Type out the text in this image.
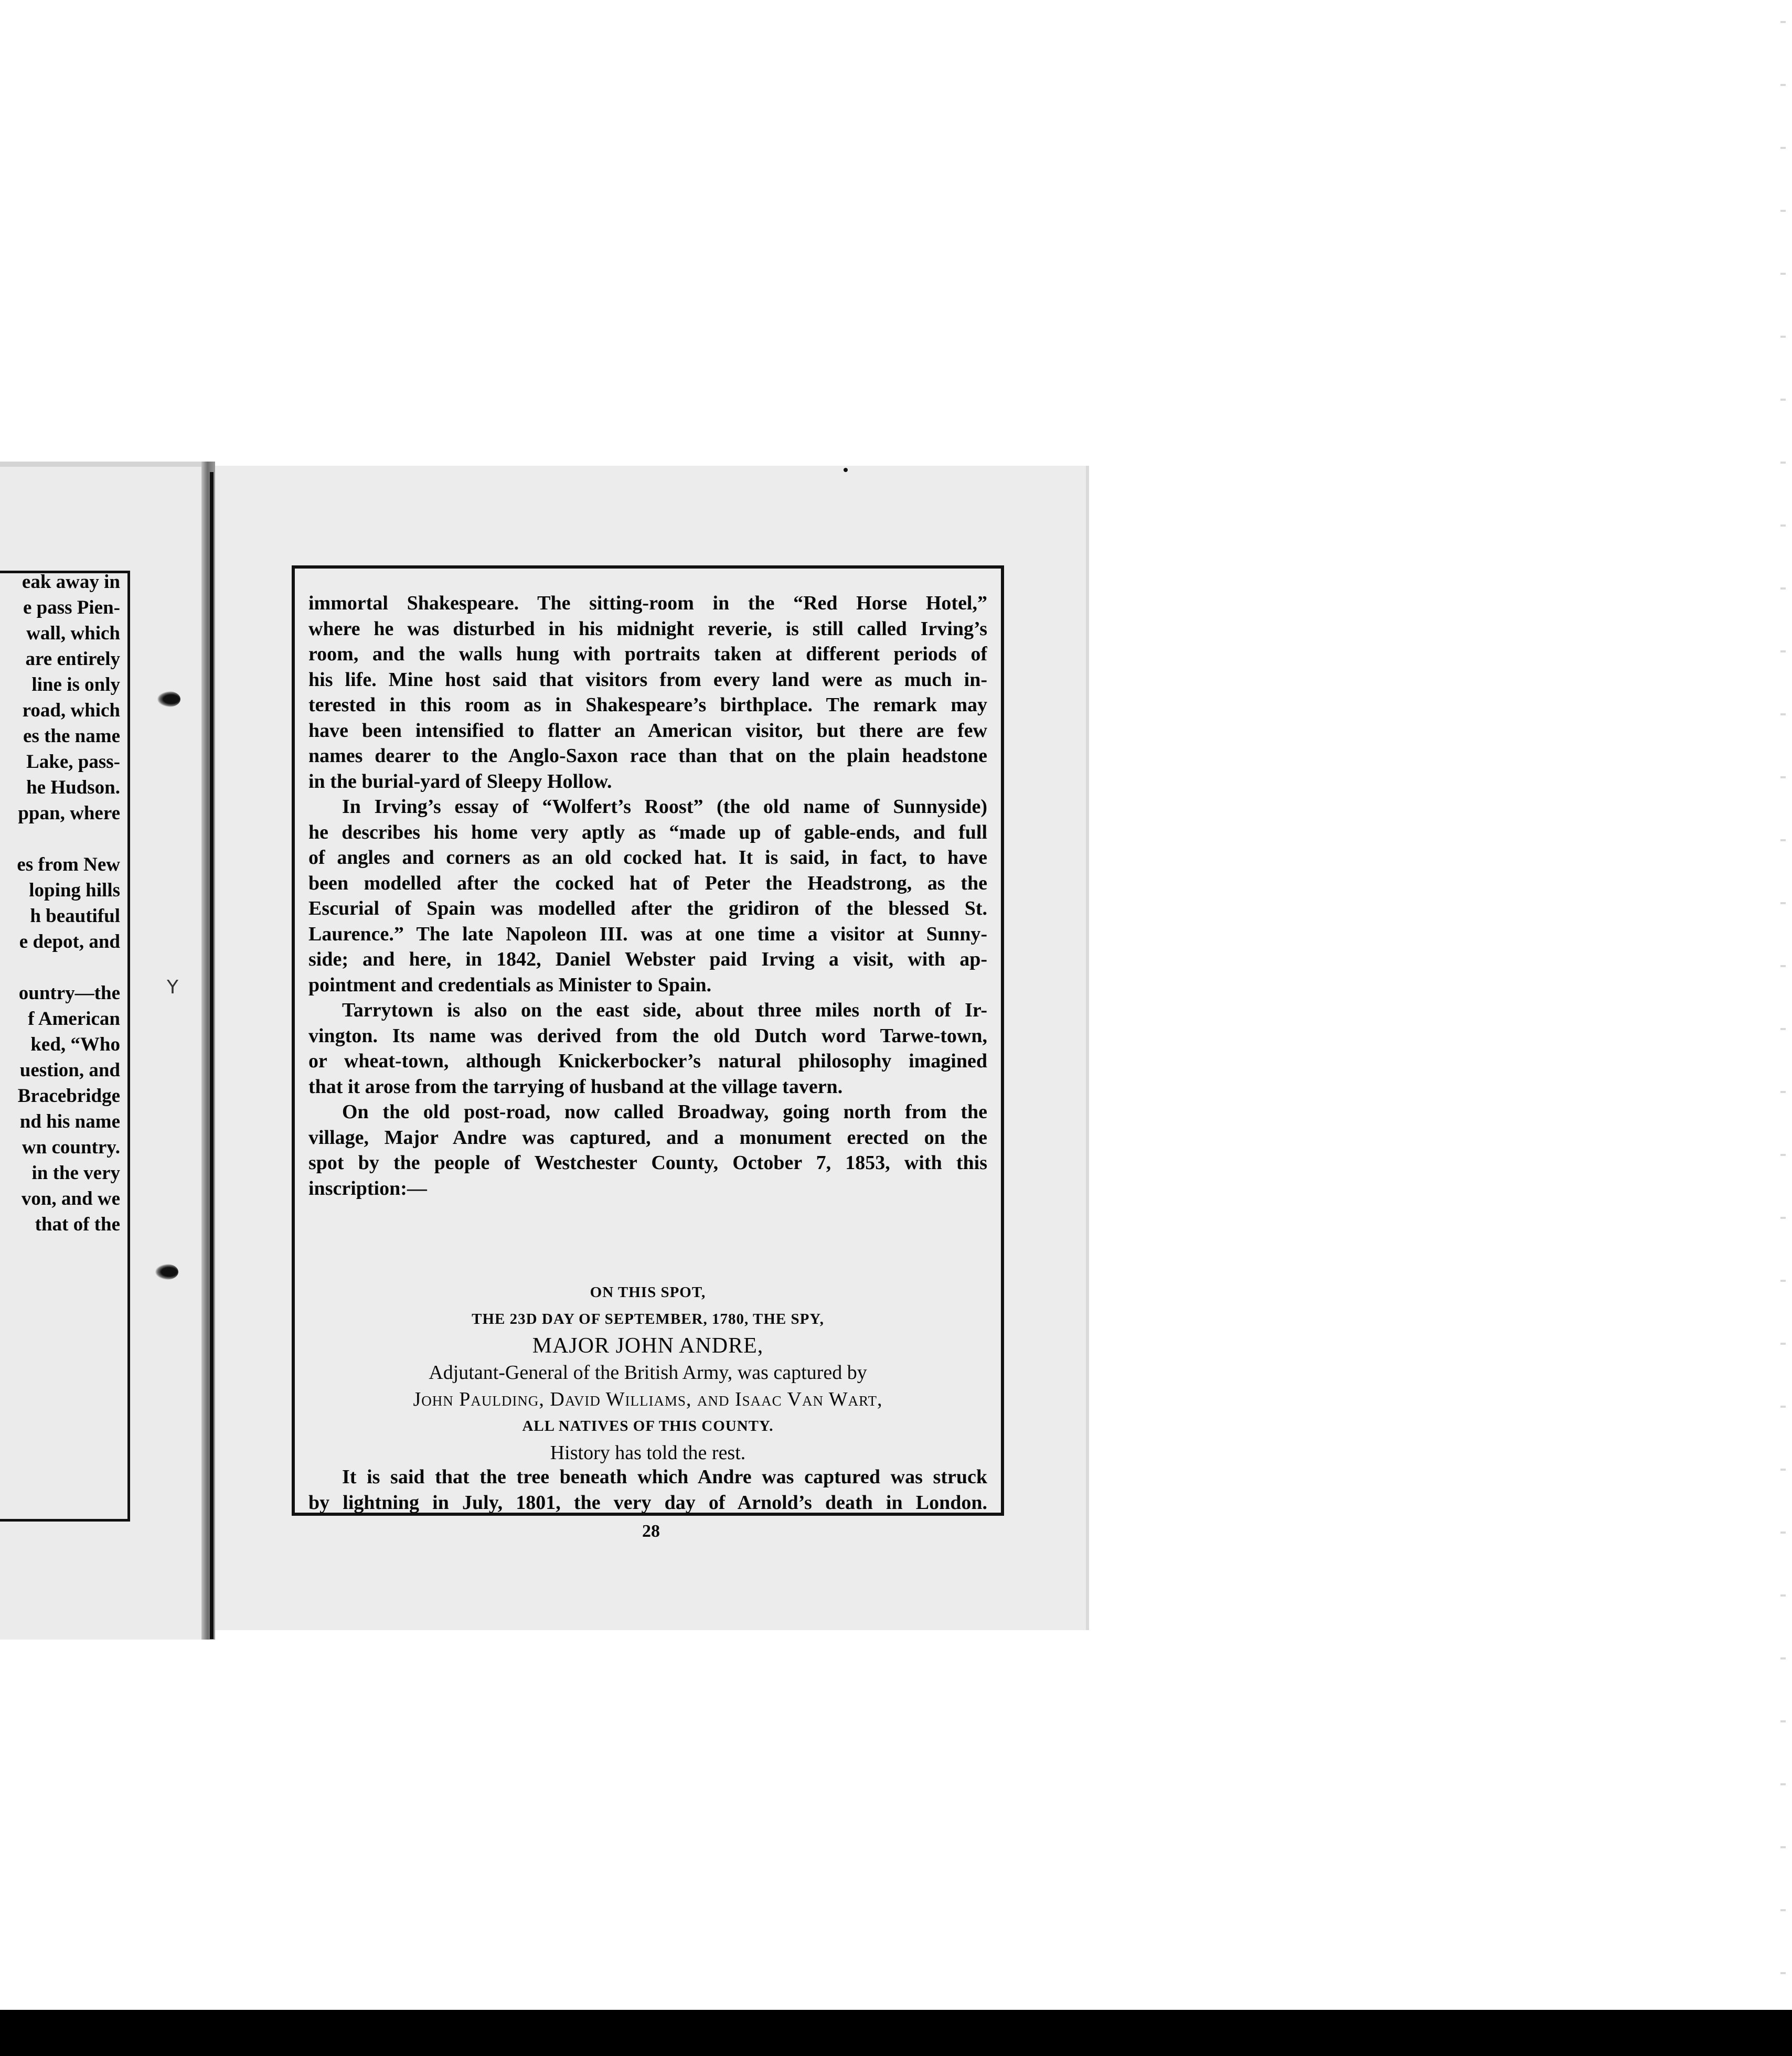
eak away in
e pass Pien-
wall, which
are entirely
line is only
road, which
es the name
Lake, pass-
he Hudson.
ppan, where
es from New
loping hills
h beautiful
e depot, and
ountry—the
f American
ked, “Who
uestion, and
Bracebridge
nd his name
wn country.
in the very
von, and we
that of the
Y
immortal Shakespeare. The sitting-room in the “Red Horse Hotel,”
where he was disturbed in his midnight reverie, is still called Irving’s
room, and the walls hung with portraits taken at different periods of
his life. Mine host said that visitors from every land were as much in-
terested in this room as in Shakespeare’s birthplace. The remark may
have been intensified to flatter an American visitor, but there are few
names dearer to the Anglo-Saxon race than that on the plain headstone
in the burial-yard of Sleepy Hollow.
In Irving’s essay of “Wolfert’s Roost” (the old name of Sunnyside)
he describes his home very aptly as “made up of gable-ends, and full
of angles and corners as an old cocked hat. It is said, in fact, to have
been modelled after the cocked hat of Peter the Headstrong, as the
Escurial of Spain was modelled after the gridiron of the blessed St.
Laurence.” The late Napoleon III. was at one time a visitor at Sunny-
side; and here, in 1842, Daniel Webster paid Irving a visit, with ap-
pointment and credentials as Minister to Spain.
Tarrytown is also on the east side, about three miles north of Ir-
vington. Its name was derived from the old Dutch word Tarwe-town,
or wheat-town, although Knickerbocker’s natural philosophy imagined
that it arose from the tarrying of husband at the village tavern.
On the old post-road, now called Broadway, going north from the
village, Major Andre was captured, and a monument erected on the
spot by the people of Westchester County, October 7, 1853, with this
inscription:—
ON THIS SPOT,
THE 23D DAY OF SEPTEMBER, 1780, THE SPY,
MAJOR JOHN ANDRE,
Adjutant-General of the British Army, was captured by
John Paulding, David Williams, and Isaac Van Wart,
ALL NATIVES OF THIS COUNTY.
History has told the rest.
It is said that the tree beneath which Andre was captured was struck
by lightning in July, 1801, the very day of Arnold’s death in London.
28
